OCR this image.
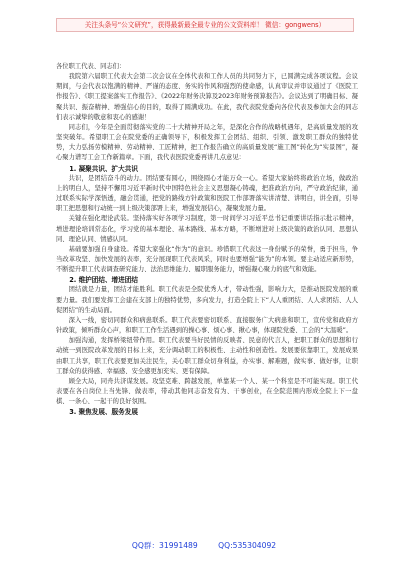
关注头条号“公文研究”，获得最新最全最专业的公文资料库！ 微信：gongwens）

各位职工代表、同志们：

我院第六届职工代表大会第二次会议在全体代表和工作人员的共同努力下，已圆满完成各项议程。会议期间，与会代表以饱满的精神、严谨的态度、务实的作风和强烈的使命感，认真审议并审议通过了《医院工作报告》、《职工提案落实工作报告》、《2022年财务决算及2023年财务预算报告》。会议达到了明确目标、凝聚共识、振奋精神、增强信心的目的，取得了圆满成功。在此，我代表院党委向各位代表及参加大会的同志们表示诚挚的敬意和衷心的感谢！

同志们，今年是全面贯彻落实党的二十大精神开局之年，是深化合作的战略机遇年，是高质量发展的攻坚突破年。希望职工会在院党委的正确领导下，积极发挥工会团结、组织、引领、激发职工群众的独特优势，大力弘扬劳模精神、劳动精神、工匠精神，把工作报告确立的高质量发展“施工图”转化为“实景图”，凝心聚力谱写工会工作新篇章。下面，我代表医院党委再讲几点意见：

1. 凝聚共识、扩大共识

共识，是团结奋斗的动力。团结要有圆心，围绕圆心才能万众一心。希望大家始终将政治立场，做政治上的明白人，坚持不懈用习近平新时代中国特色社会主义思想凝心铸魂，把准政治方向，严守政治纪律，通过联系实际学深悟透，融会贯通，把党的路线方针政策和医院工作部署落实讲清楚、讲明白，讲全面，引导职工把思想和行动统一到上级决策部署上来，增强发展信心，凝聚发展力量。

关键在强化理论武装。坚持落实好各项学习制度，第一时间学习习近平总书记重要讲话指示批示精神，增进理论培训常态化，学习党的基本理论、基本路线、基本方略，不断增进对上级决策的政治认同、思想认同、理论认同、情感认同。

基础要加强自身建设。希望大家强化“作为”的意识。珍惜职工代表这一身份赋予的荣誉，勇于担当，争当改革攻坚、加快发展的表率，充分展现职工代表风采，同时也要增强“能为”的本领。要主动适应新形势，不断提升职工代表调查研究能力、法治思维能力、履职服务能力，增强凝心聚力的底气和效能。

2. 维护团结、增进团结

团结就是力量，团结才能胜利。职工代表是全院优秀人才，带动性强，影响力大，是推动医院发展的重要力量。我们要发挥工会建在支部上的独特优势，多向发力，打造全院上下“人人重团结、人人求团结、人人促团结”的生动局面。

深入一线，密切同群众和病患联系。职工代表要密切联系、直接服务广大病患和职工，宣传党和政府方针政策，倾听群众心声，和职工工作生活遇到的操心事、烦心事、揪心事，体现院党委、工会的“大温暖”。

加强沟通，发挥桥梁纽带作用。职工代表要当好民情的反映者、民意的代言人，把职工群众的思想和行动统一到医院改革发展的目标上来，充分调动职工的积极性、主动性和创造性。发展要依靠职工，发展成果由职工共享，职工代表要更加关注民生，关心职工群众切身利益，办实事、解难题，做实事、做好事，让职工群众的获得感、幸福感、安全感更加充实、更有保障。

顾全大局，同舟共济谋发展。攻坚克难、跨越发展，单靠某一个人、某一个科室是不可能实现。职工代表要在各自岗位上当先锋、做表率，带动其他同志奋发有为、干事创业，在全院范围内形成全院上下一盘棋、一条心、一起干的良好氛围。

3. 聚焦发展、服务发展
QQ群：31991489	QQ:535304092
